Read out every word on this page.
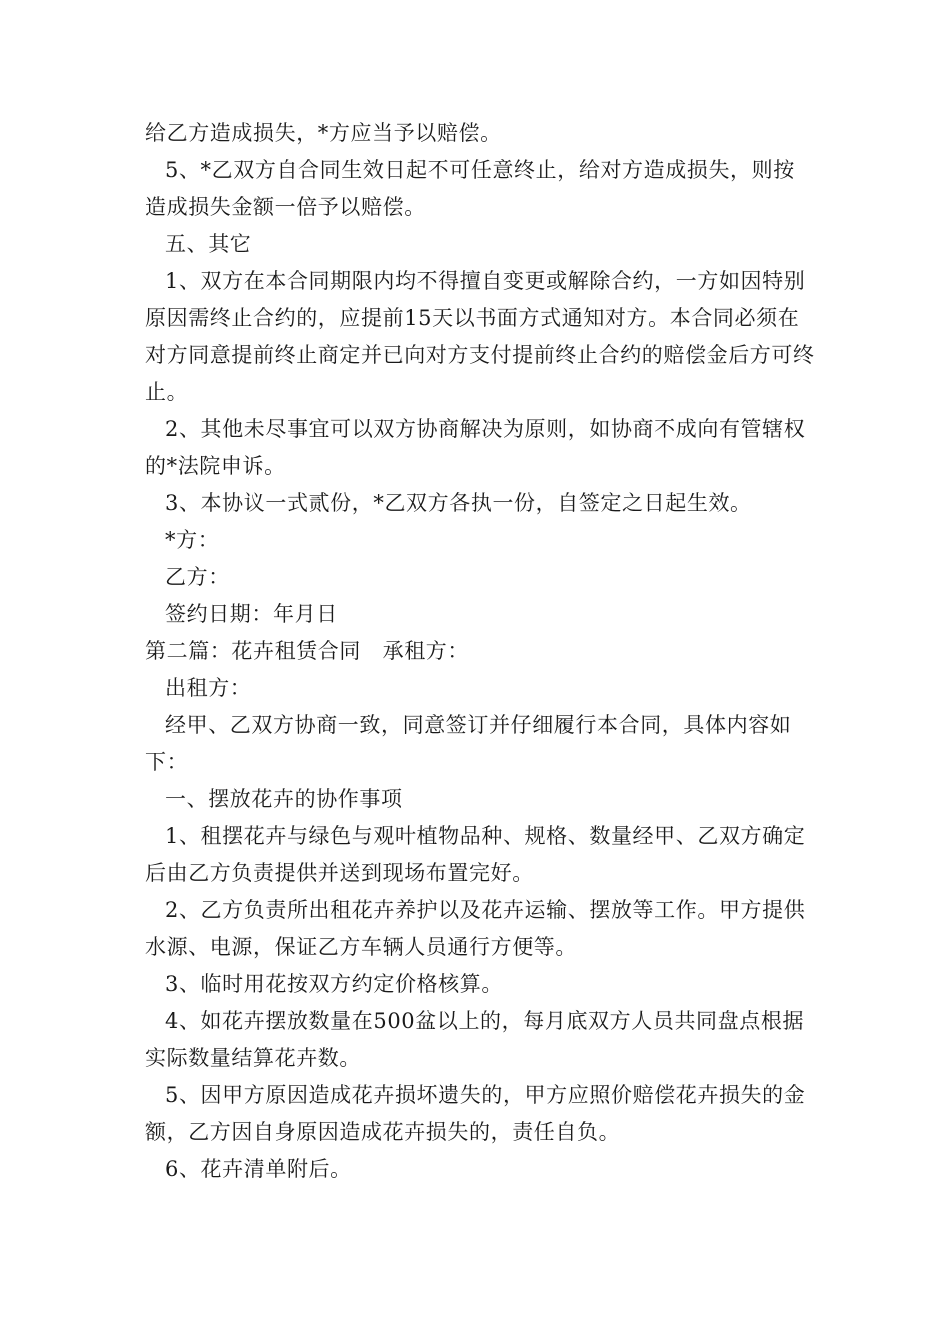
给乙方造成损失，*方应当予以赔偿。

5、*乙双方自合同生效日起不可任意终止，给对方造成损失，则按造成损失金额一倍予以赔偿。

五、其它

1、双方在本合同期限内均不得擅自变更或解除合约，一方如因特别原因需终止合约的，应提前15天以书面方式通知对方。本合同必须在对方同意提前终止商定并已向对方支付提前终止合约的赔偿金后方可终止。

2、其他未尽事宜可以双方协商解决为原则，如协商不成向有管辖权的*法院申诉。

3、本协议一式贰份，*乙双方各执一份，自签定之日起生效。

*方：

乙方：

签约日期：年月日

第二篇：花卉租赁合同　承租方：

出租方：

经甲、乙双方协商一致，同意签订并仔细履行本合同，具体内容如下：

一、摆放花卉的协作事项

1、租摆花卉与绿色与观叶植物品种、规格、数量经甲、乙双方确定后由乙方负责提供并送到现场布置完好。

2、乙方负责所出租花卉养护以及花卉运输、摆放等工作。甲方提供水源、电源，保证乙方车辆人员通行方便等。

3、临时用花按双方约定价格核算。

4、如花卉摆放数量在500盆以上的，每月底双方人员共同盘点根据实际数量结算花卉数。

5、因甲方原因造成花卉损坏遗失的，甲方应照价赔偿花卉损失的金额，乙方因自身原因造成花卉损失的，责任自负。

6、花卉清单附后。
